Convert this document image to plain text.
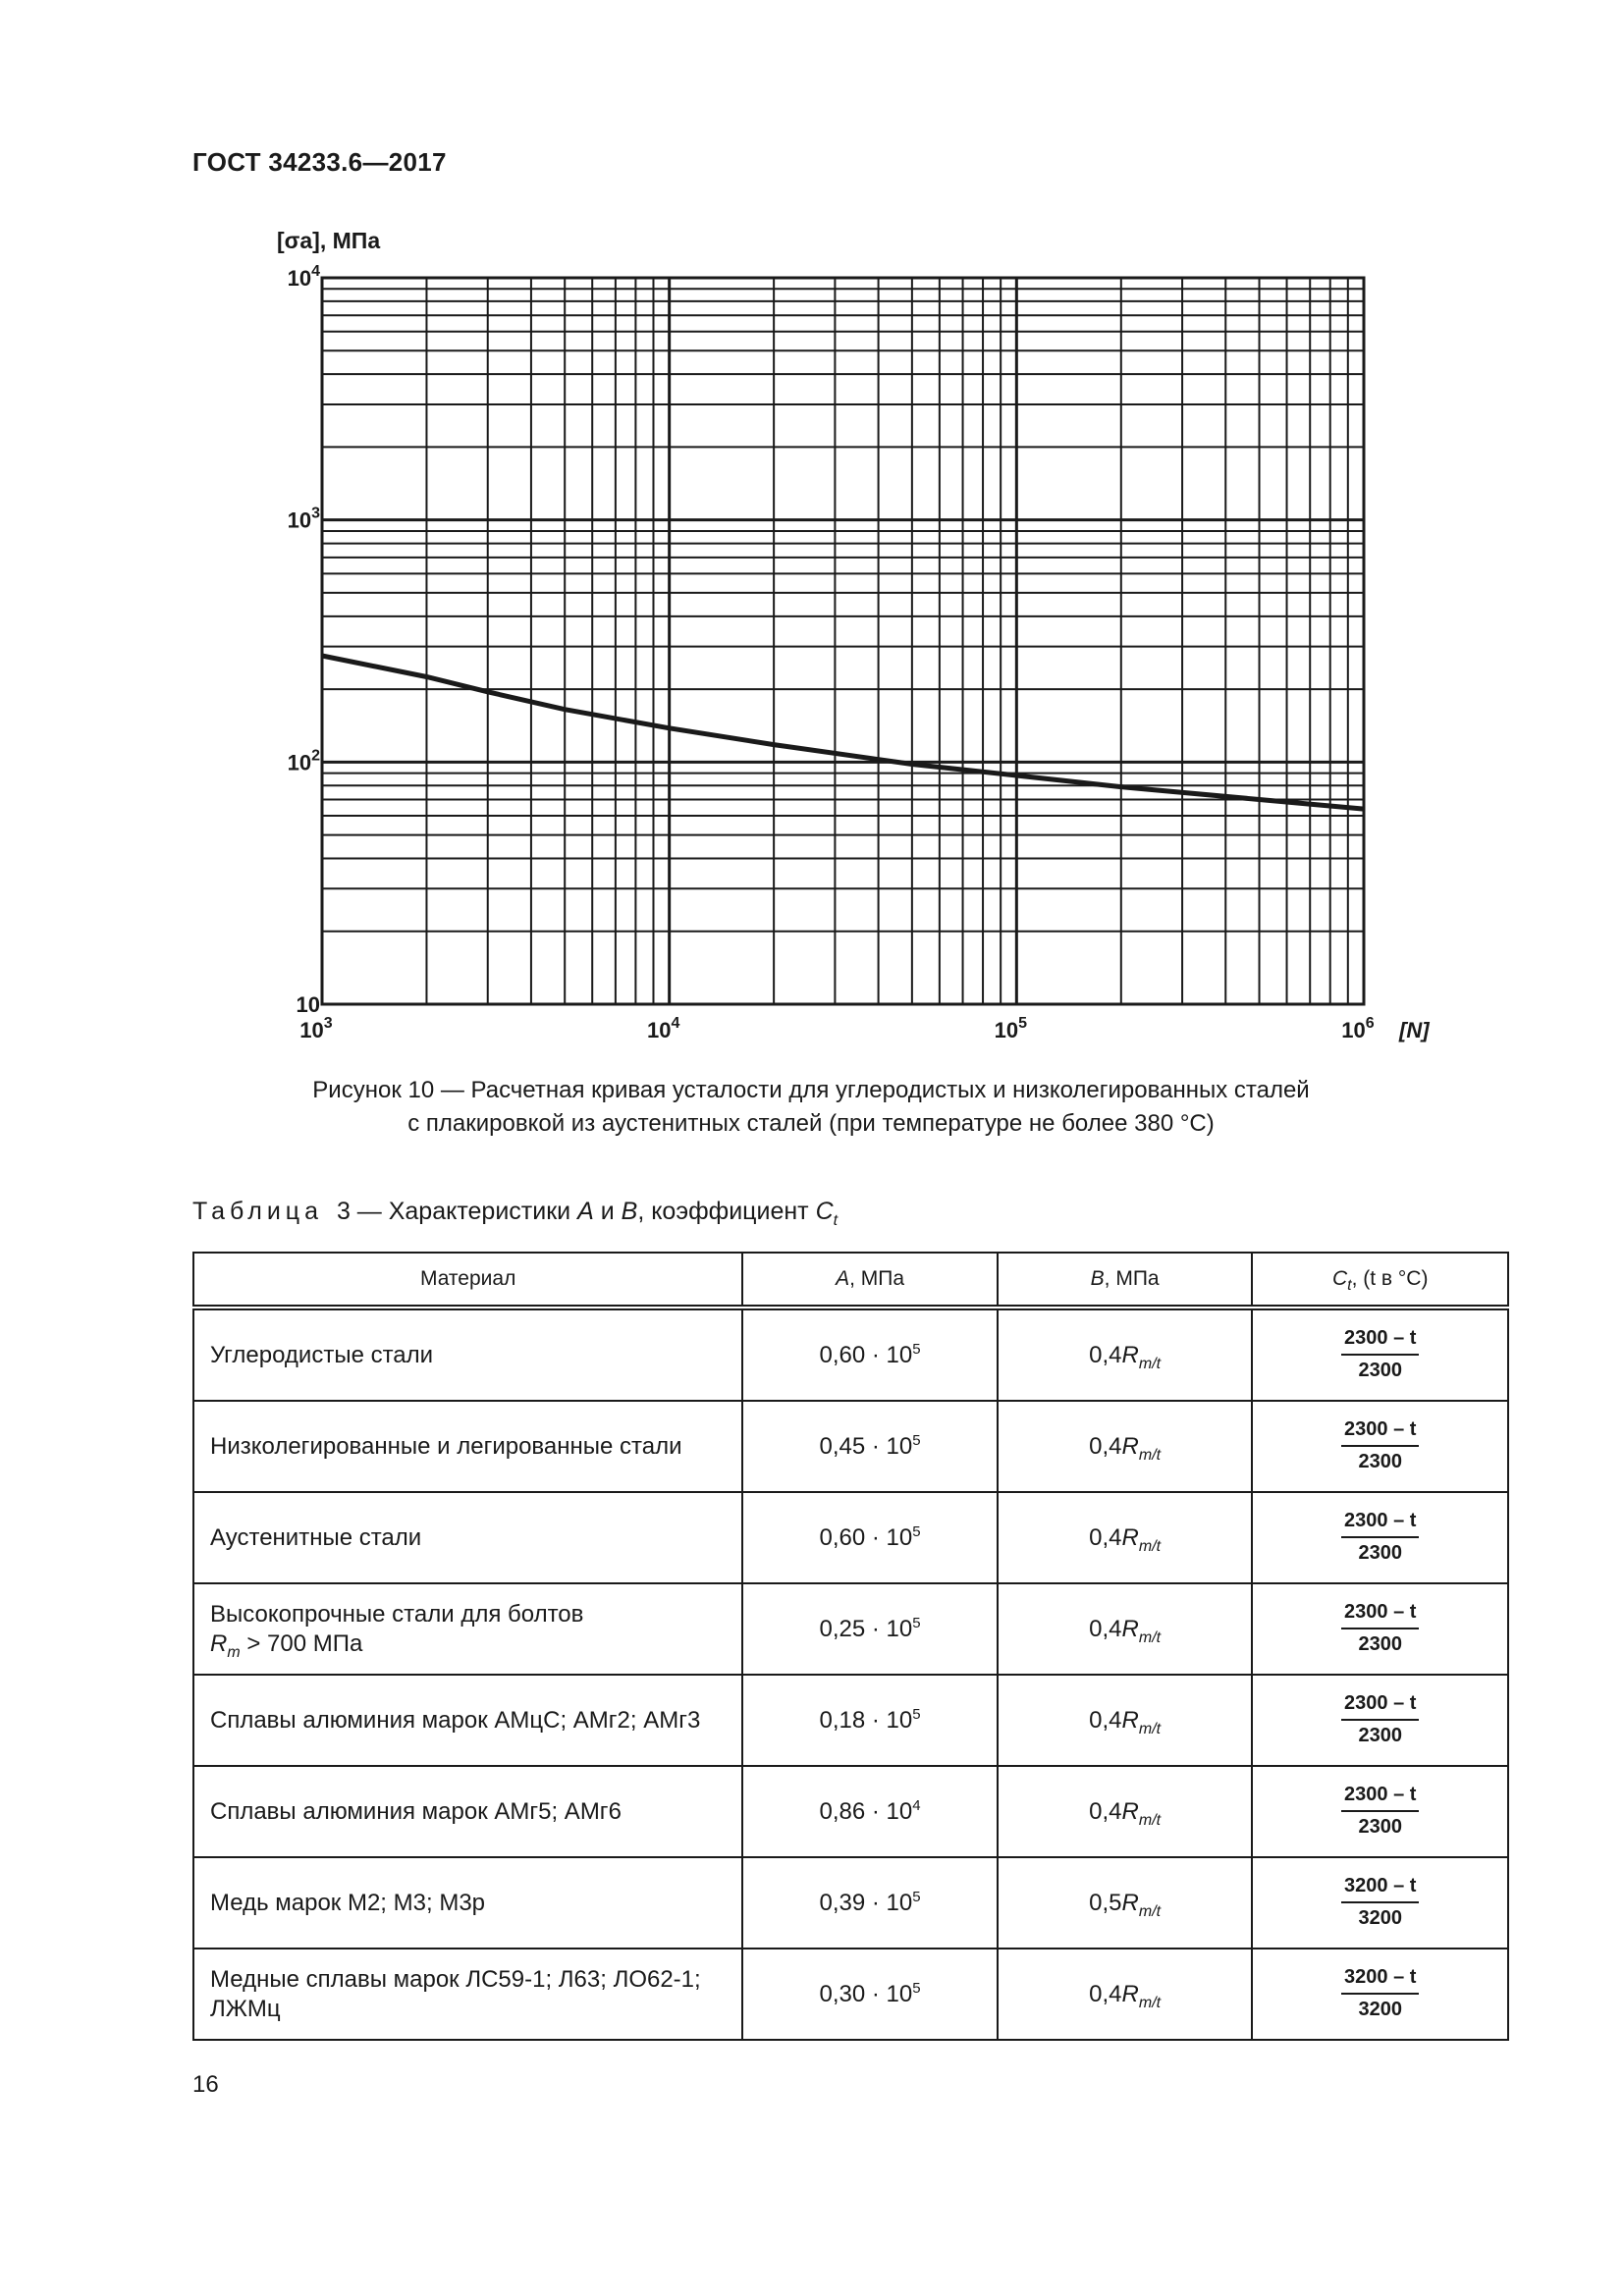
ГОСТ 34233.6—2017
$10^3$	$10^4$	$10^5$	$10^6$
10
$10^2$
$10^3$
$10^4$
[N]
[σa], МПа
Рисунок 10 — Расчетная кривая усталости для углеродистых и низколегированных сталей
с плакировкой из аустенитных сталей (при температуре не более 380 °С)
Таблица 3 — Характеристики А и В, коэффициент $C_t$
Материал	А, МПа	В, МПа	$C_t$, (t в °С)
Углеродистые стали	$0,60 \cdot 10^5$	$0,4R_{m/t}$	$\frac{2300 - t}{2300}$

Низколегированные и легированные стали	$0,45 \cdot 10^5$	$0,4R_{m/t}$	$\frac{2300 - t}{2300}$

Аустенитные стали	$0,60 \cdot 10^5$	$0,4R_{m/t}$	$\frac{2300 - t}{2300}$

Высокопрочные стали для болтов
$R_m > 700$ МПа	$0,25 \cdot 10^5$	$0,4R_{m/t}$	$\frac{2300 - t}{2300}$

Сплавы алюминия марок АМцС; АМг2; АМг3	$0,18 \cdot 10^5$	$0,4R_{m/t}$	$\frac{2300 - t}{2300}$

Сплавы алюминия марок АМг5; АМг6	$0,86 \cdot 10^4$	$0,4R_{m/t}$	$\frac{2300 - t}{2300}$

Медь марок М2; М3; М3р	$0,39 \cdot 10^5$	$0,5R_{m/t}$	$\frac{3200 - t}{3200}$

Медные сплавы марок ЛС59-1; Л63; ЛО62-1;
ЛЖМц	$0,30 \cdot 10^5$	$0,4R_{m/t}$	$\frac{3200 - t}{3200}$
16
